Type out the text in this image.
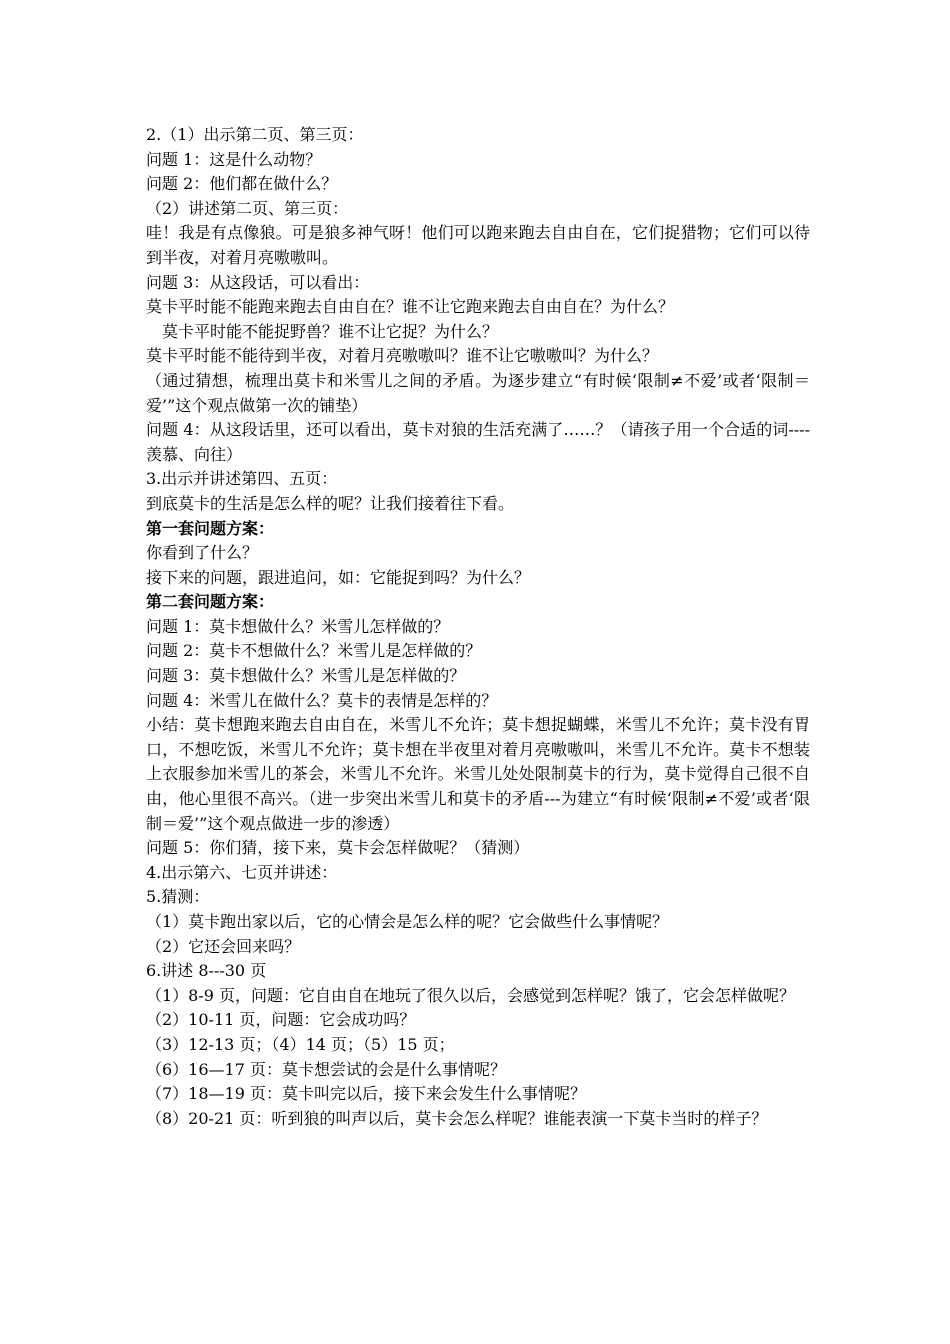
2.（1）出示第二页、第三页：
问题 1：这是什么动物？
问题 2：他们都在做什么？
（2）讲述第二页、第三页：
哇！我是有点像狼。可是狼多神气呀！他们可以跑来跑去自由自在，它们捉猎物；它们可以待到半夜，对着月亮嗷嗷叫。
问题 3：从这段话，可以看出：
莫卡平时能不能跑来跑去自由自在？谁不让它跑来跑去自由自在？为什么？
莫卡平时能不能捉野兽？谁不让它捉？为什么？
莫卡平时能不能待到半夜，对着月亮嗷嗷叫？谁不让它嗷嗷叫？为什么？
（通过猜想，梳理出莫卡和米雪儿之间的矛盾。为逐步建立“有时候‘限制≠不爱’或者‘限制＝爱’”这个观点做第一次的铺垫）
问题 4：从这段话里，还可以看出，莫卡对狼的生活充满了……？（请孩子用一个合适的词----羡慕、向往）
3.出示并讲述第四、五页：
到底莫卡的生活是怎么样的呢？让我们接着往下看。
第一套问题方案：
你看到了什么？
接下来的问题，跟进追问，如：它能捉到吗？为什么？
第二套问题方案：
问题 1：莫卡想做什么？米雪儿怎样做的？
问题 2：莫卡不想做什么？米雪儿是怎样做的？
问题 3：莫卡想做什么？米雪儿是怎样做的？
问题 4：米雪儿在做什么？莫卡的表情是怎样的？
小结：莫卡想跑来跑去自由自在，米雪儿不允许；莫卡想捉蝴蝶，米雪儿不允许；莫卡没有胃口，不想吃饭，米雪儿不允许；莫卡想在半夜里对着月亮嗷嗷叫，米雪儿不允许。莫卡不想装上衣服参加米雪儿的茶会，米雪儿不允许。米雪儿处处限制莫卡的行为，莫卡觉得自己很不自由，他心里很不高兴。（进一步突出米雪儿和莫卡的矛盾---为建立“有时候‘限制≠不爱’或者‘限制＝爱’”这个观点做进一步的渗透）
问题 5：你们猜，接下来，莫卡会怎样做呢？（猜测）
4.出示第六、七页并讲述：
5.猜测：
（1）莫卡跑出家以后，它的心情会是怎么样的呢？它会做些什么事情呢？
（2）它还会回来吗？
6.讲述 8---30 页
（1）8-9 页，问题：它自由自在地玩了很久以后，会感觉到怎样呢？饿了，它会怎样做呢？
（2）10-11 页，问题：它会成功吗？
（3）12-13 页；（4）14 页；（5）15 页；
（6）16—17 页：莫卡想尝试的会是什么事情呢？
（7）18—19 页：莫卡叫完以后，接下来会发生什么事情呢？
（8）20-21 页：听到狼的叫声以后，莫卡会怎么样呢？谁能表演一下莫卡当时的样子？
